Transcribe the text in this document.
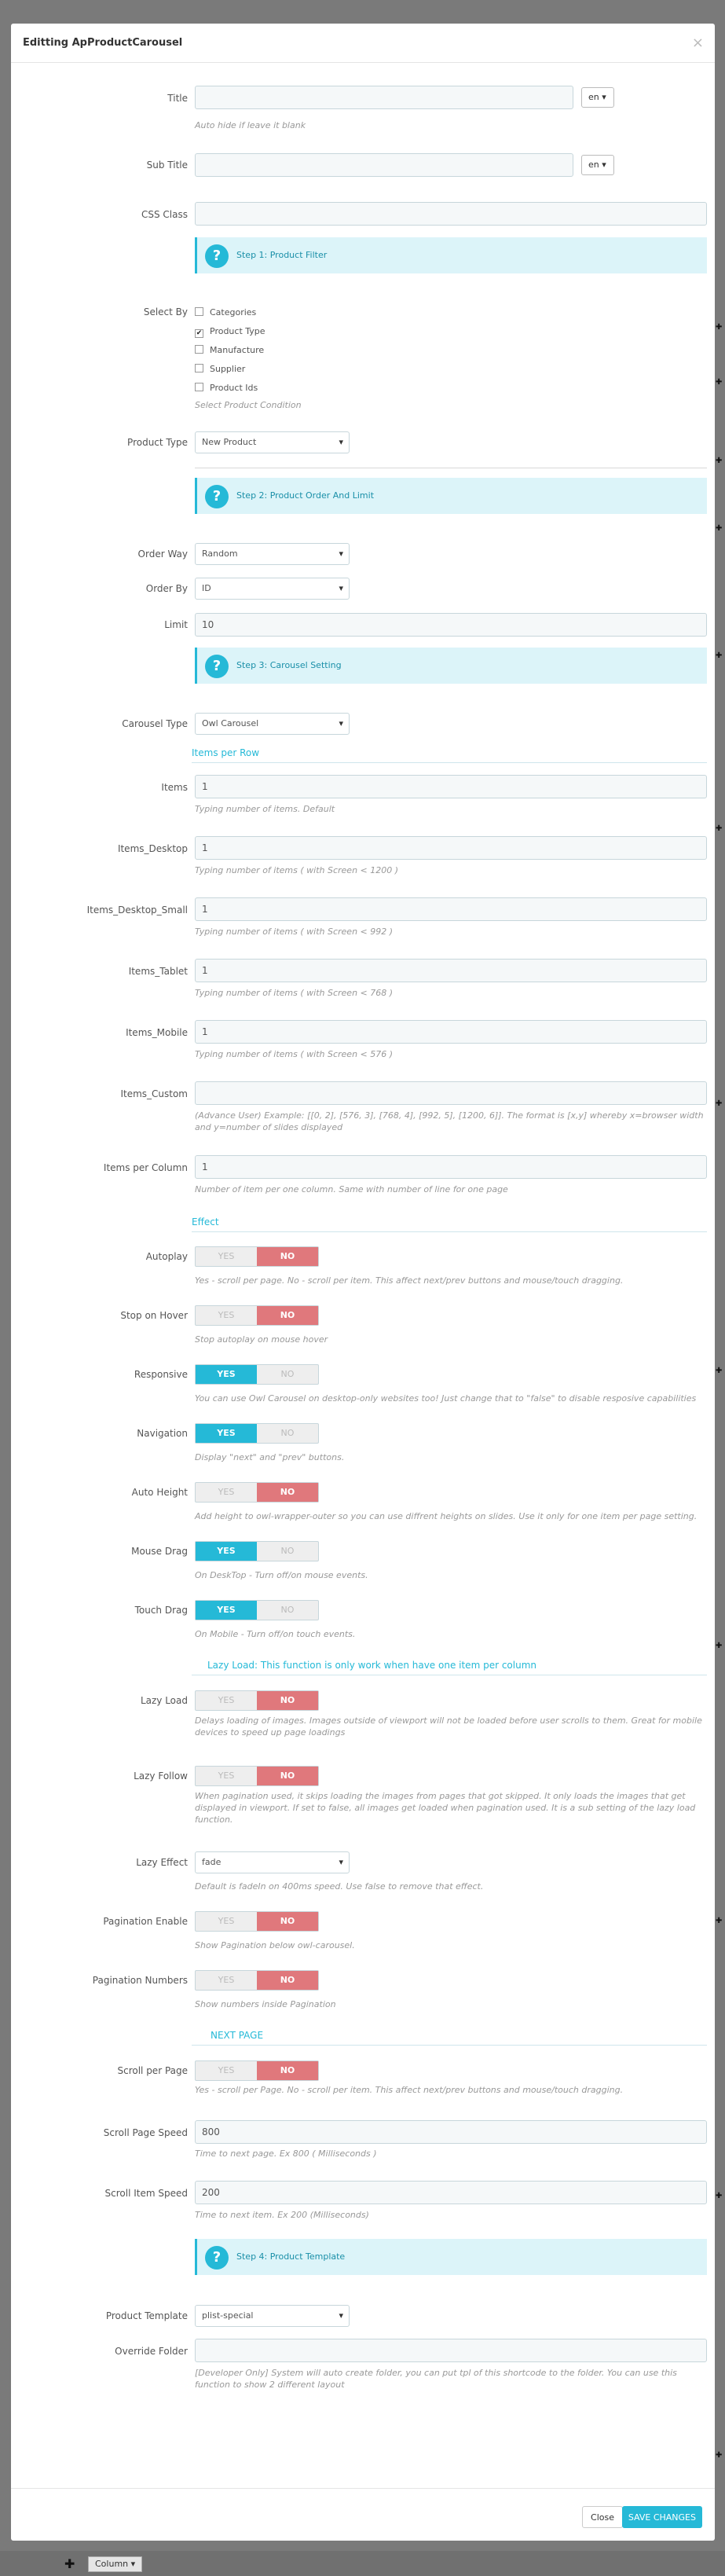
✚
✚
✚
✚
✚
✚
✚
✚
✚
✚
✚
✚
✚	Column ▾
Editting ApProductCarousel	×
Title	en ▾
Auto hide if leave it blank
Sub Title	en ▾
CSS Class
?	Step 1: Product Filter
Select By	Categories
✔ Product Type
Manufacture
Supplier
Product Ids
Select Product Condition
Product Type	New Product ▾
?	Step 2: Product Order And Limit
Order Way	Random ▾
Order By	ID ▾
Limit	10
?	Step 3: Carousel Setting
Carousel Type	Owl Carousel ▾
Items per Row
Items	1
Typing number of items. Default
Items_Desktop	1
Typing number of items ( with Screen < 1200 )
Items_Desktop_Small	1
Typing number of items ( with Screen < 992 )
Items_Tablet	1
Typing number of items ( with Screen < 768 )
Items_Mobile	1
Typing number of items ( with Screen < 576 )
Items_Custom
(Advance User) Example: [[0, 2], [576, 3], [768, 4], [992, 5], [1200, 6]]. The format is [x,y] whereby x=browser width and y=number of slides displayed
Items per Column	1
Number of item per one column. Same with number of line for one page
Effect
Autoplay	YES	NO
Yes - scroll per page. No - scroll per item. This affect next/prev buttons and mouse/touch dragging.
Stop on Hover	YES	NO
Stop autoplay on mouse hover
Responsive	YES	NO
You can use Owl Carousel on desktop-only websites too! Just change that to "false" to disable resposive capabilities
Navigation	YES	NO
Display "next" and "prev" buttons.
Auto Height	YES	NO
Add height to owl-wrapper-outer so you can use diffrent heights on slides. Use it only for one item per page setting.
Mouse Drag	YES	NO
On DeskTop - Turn off/on mouse events.
Touch Drag	YES	NO
On Mobile - Turn off/on touch events.
Lazy Load: This function is only work when have one item per column
Lazy Load	YES	NO
Delays loading of images. Images outside of viewport will not be loaded before user scrolls to them. Great for mobile devices to speed up page loadings
Lazy Follow	YES	NO
When pagination used, it skips loading the images from pages that got skipped. It only loads the images that get displayed in viewport. If set to false, all images get loaded when pagination used. It is a sub setting of the lazy load function.
Lazy Effect	fade ▾
Default is fadeIn on 400ms speed. Use false to remove that effect.
Pagination Enable	YES	NO
Show Pagination below owl-carousel.
Pagination Numbers	YES	NO
Show numbers inside Pagination
NEXT PAGE
Scroll per Page	YES	NO
Yes - scroll per Page. No - scroll per item. This affect next/prev buttons and mouse/touch dragging.
Scroll Page Speed	800
Time to next page. Ex 800 ( Milliseconds )
Scroll Item Speed	200
Time to next item. Ex 200 (Milliseconds)
?	Step 4: Product Template
Product Template	plist-special ▾
Override Folder
[Developer Only] System will auto create folder, you can put tpl of this shortcode to the folder. You can use this function to show 2 different layout
Close	SAVE CHANGES
